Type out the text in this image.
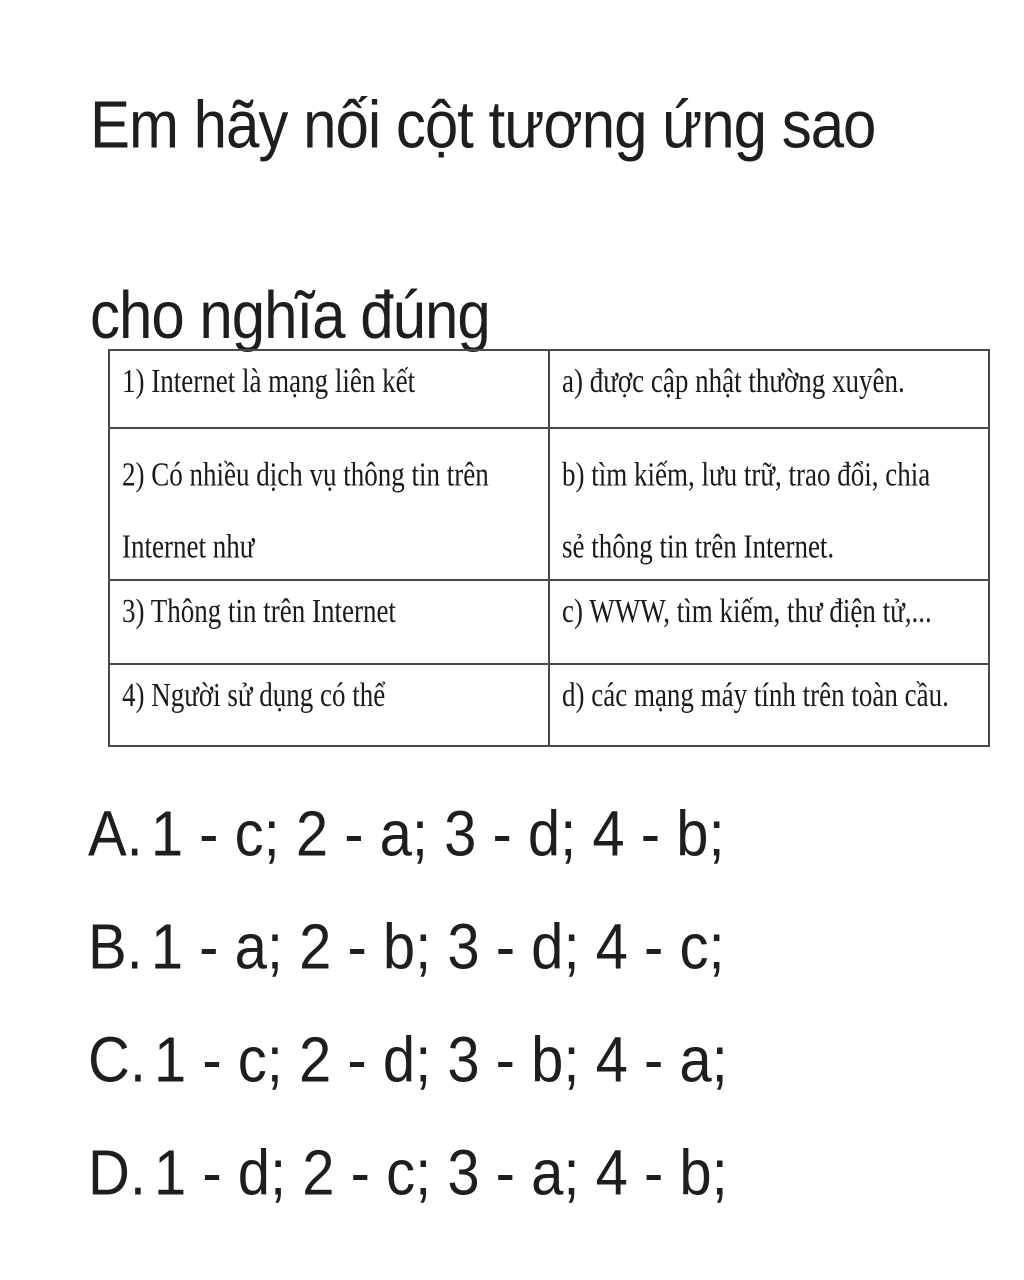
Em hãy nối cột tương ứng sao
cho nghĩa đúng
1) Internet là mạng liên kết	a) được cập nhật thường xuyên.

2) Có nhiều dịch vụ thông tin trên
Internet như	b) tìm kiếm, lưu trữ, trao đổi, chia
sẻ thông tin trên Internet.

3) Thông tin trên Internet	c) WWW, tìm kiếm, thư điện tử,...

4) Người sử dụng có thể	d) các mạng máy tính trên toàn cầu.
A. 1 - c; 2 - a; 3 - d; 4 - b;
B. 1 - a; 2 - b; 3 - d; 4 - c;
C. 1 - c; 2 - d; 3 - b; 4 - a;
D. 1 - d; 2 - c; 3 - a; 4 - b;
